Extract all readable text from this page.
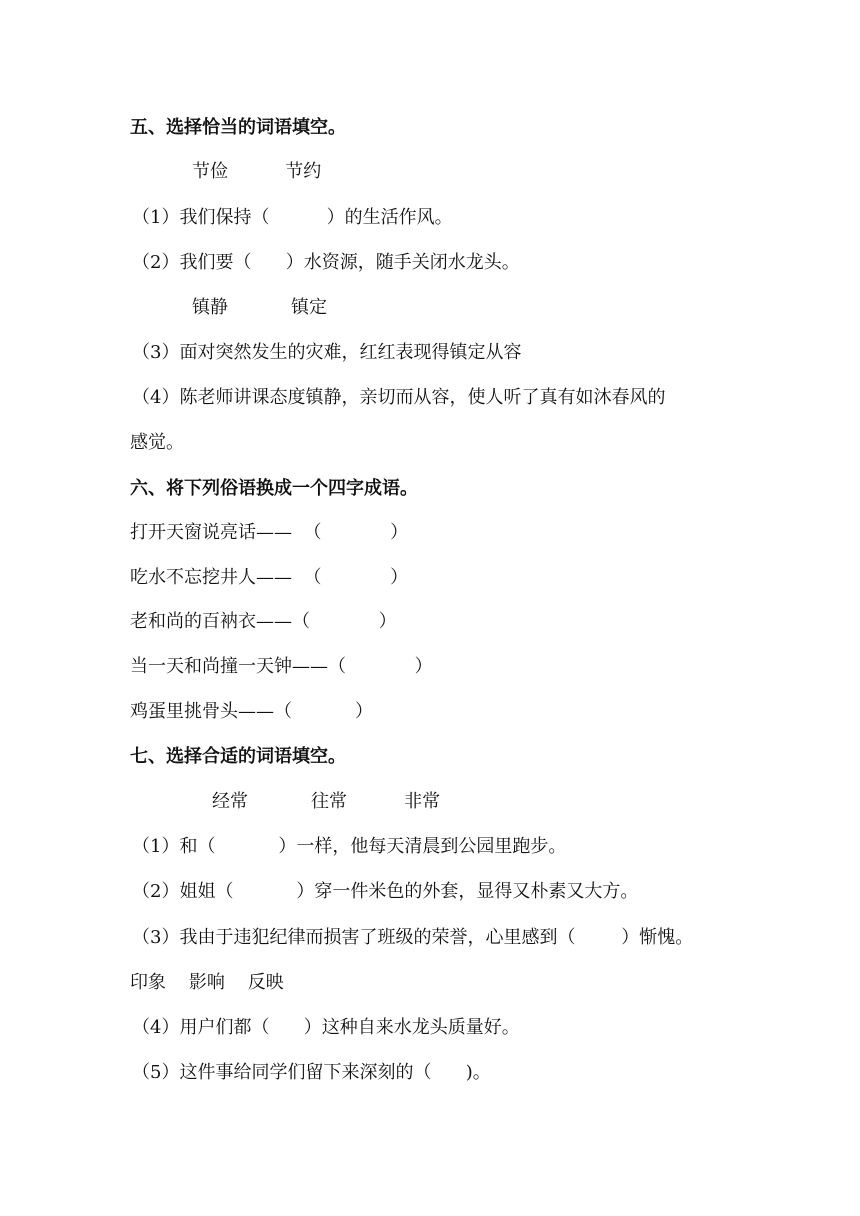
五、选择恰当的词语填空。
节俭          节约
（1）我们保持（          ）的生活作风。
（2）我们要（      ）水资源，随手关闭水龙头。
镇静           镇定
（3）面对突然发生的灾难，红红表现得镇定从容
（4）陈老师讲课态度镇静，亲切而从容，使人听了真有如沐春风的
感觉。
六、将下列俗语换成一个四字成语。
打开天窗说亮话——  （            ）
吃水不忘挖井人——  （            ）
老和尚的百衲衣——（            ）
当一天和尚撞一天钟——（            ）
鸡蛋里挑骨头——（           ）
七、选择合适的词语填空。
经常           往常          非常
（1）和（           ）一样，他每天清晨到公园里跑步。
（2）姐姐（           ）穿一件米色的外套，显得又朴素又大方。
（3）我由于违犯纪律而损害了班级的荣誉，心里感到（        ）惭愧。
印象    影响    反映
（4）用户们都（      ）这种自来水龙头质量好。
（5）这件事给同学们留下来深刻的（      )。
